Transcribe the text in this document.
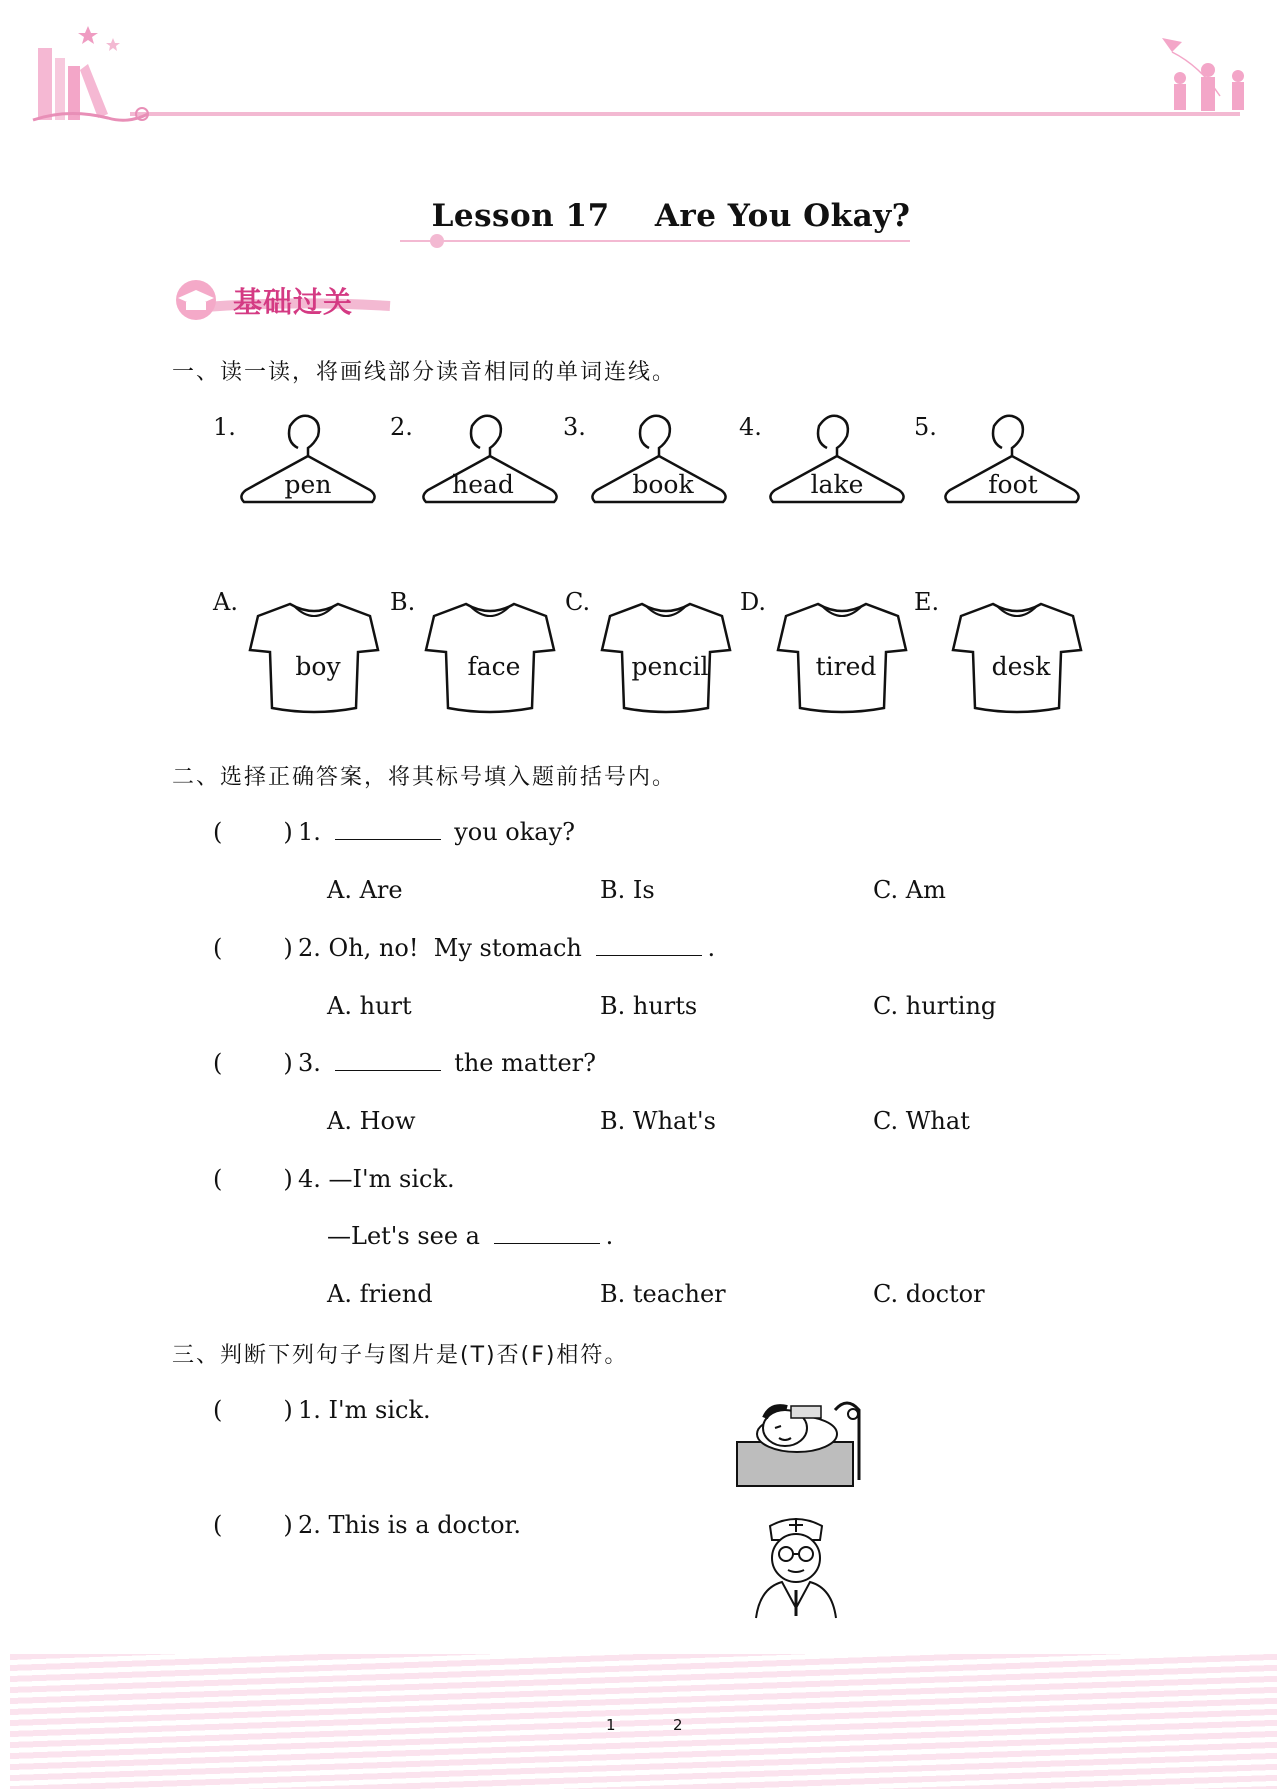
Lesson 17    Are You Okay?
基础过关
一、读一读，将画线部分读音相同的单词连线。
1.
pen
2.
head
3.
book
4.
lake
5.
foot
A.
boy
B.
face
C.
pencil
D.
tired
E.
desk
二、选择正确答案，将其标号填入题前括号内。
(        ) 1.	you okay?
A. Are	B. Is	C. Am
(        ) 2. Oh, no!  My stomach	.
A. hurt	B. hurts	C. hurting
(        ) 3.	the matter?
A. How	B. What's	C. What
(        ) 4. —I'm sick.
—Let's see a	.
A. friend	B. teacher	C. doctor
三、判断下列句子与图片是(T)否(F)相符。
(        ) 1. I'm sick.
(        ) 2. This is a doctor.
1	2
